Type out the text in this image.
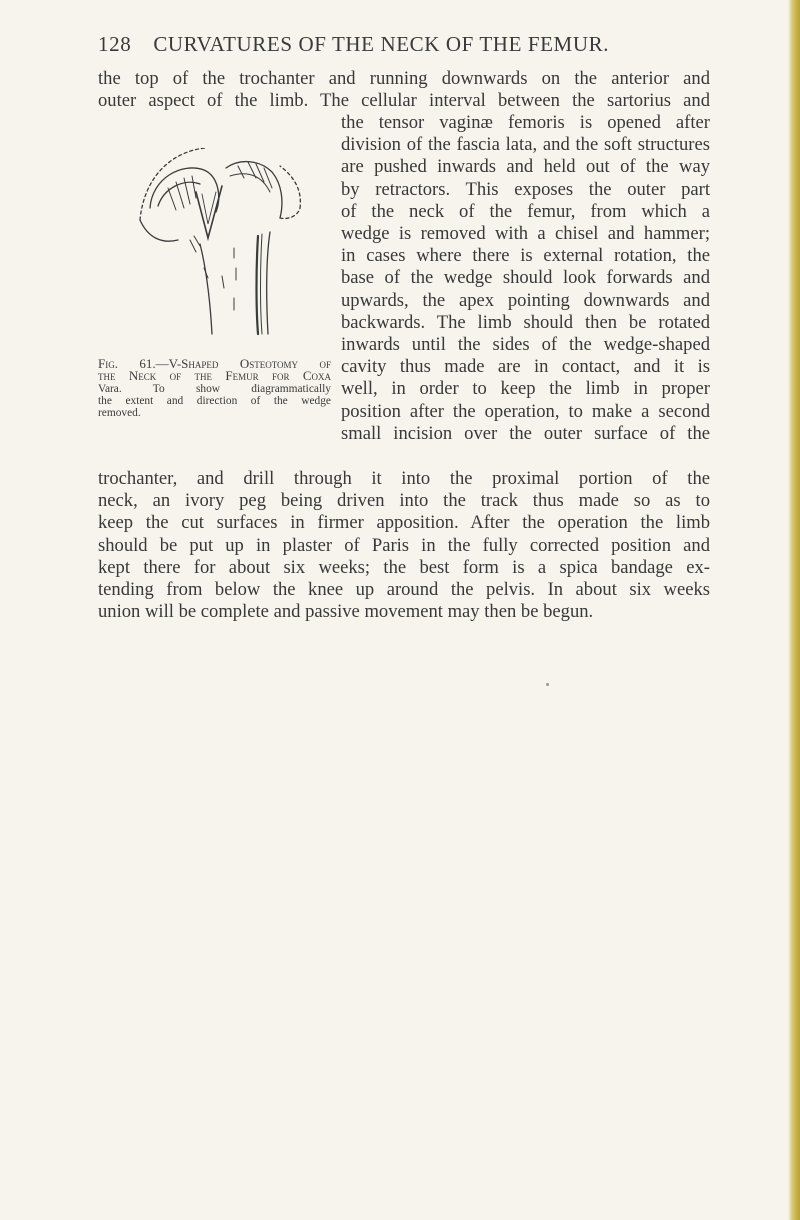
128 CURVATURES OF THE NECK OF THE FEMUR.
the top of the trochanter and running downwards on the anterior and
outer aspect of the limb. The cellular interval between the sartorius and
Fig. 61.—V-Shaped Osteotomy of
the Neck of the Femur for Coxa
Vara. To show diagrammatically
the extent and direction of the wedge
removed.
the tensor vaginæ femoris is opened after
division of the fascia lata, and the soft structures
are pushed inwards and held out of the way
by retractors. This exposes the outer part
of the neck of the femur, from which a
wedge is removed with a chisel and hammer;
in cases where there is external rotation, the
base of the wedge should look forwards and
upwards, the apex pointing downwards and
backwards. The limb should then be rotated
inwards until the sides of the wedge-shaped
cavity thus made are in contact, and it is
well, in order to keep the limb in proper
position after the operation, to make a second
small incision over the outer surface of the
trochanter, and drill through it into the proximal portion of the
neck, an ivory peg being driven into the track thus made so as to
keep the cut surfaces in firmer apposition. After the operation the limb
should be put up in plaster of Paris in the fully corrected position and
kept there for about six weeks; the best form is a spica bandage ex-
tending from below the knee up around the pelvis. In about six weeks
union will be complete and passive movement may then be begun.
